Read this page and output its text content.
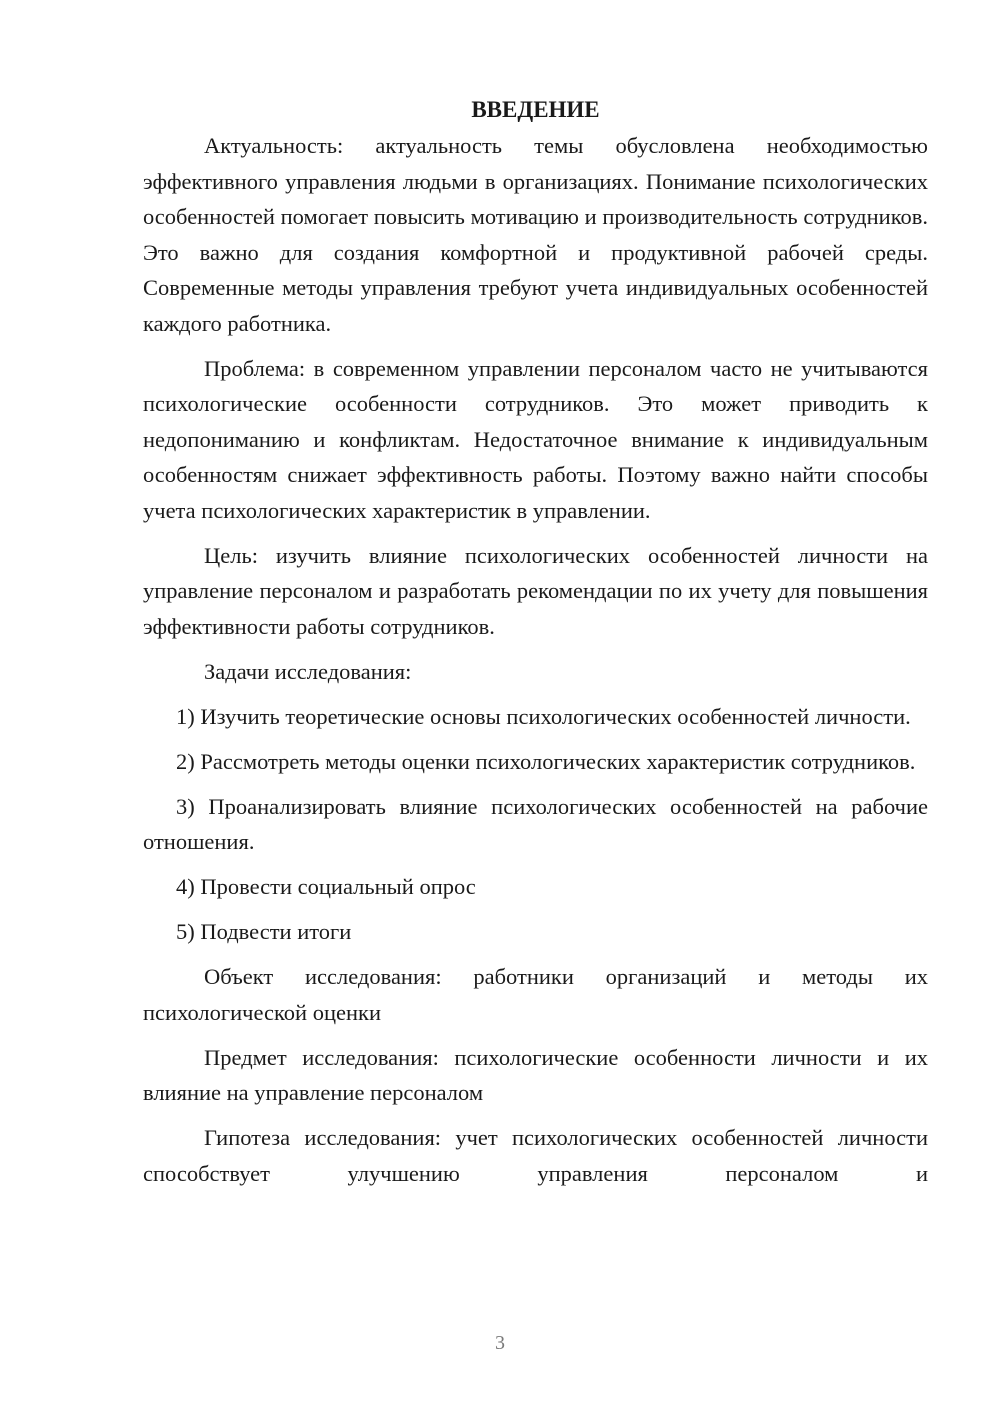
ВВЕДЕНИЕ

Актуальность: актуальность темы обусловлена необходимостью эффективного управления людьми в организациях. Понимание психологических особенностей помогает повысить мотивацию и производительность сотрудников. Это важно для создания комфортной и продуктивной рабочей среды. Современные методы управления требуют учета индивидуальных особенностей каждого работника.

Проблема: в современном управлении персоналом часто не учитываются психологические особенности сотрудников. Это может приводить к недопониманию и конфликтам. Недостаточное внимание к индивидуальным особенностям снижает эффективность работы. Поэтому важно найти способы учета психологических характеристик в управлении.

Цель: изучить влияние психологических особенностей личности на управление персоналом и разработать рекомендации по их учету для повышения эффективности работы сотрудников.

Задачи исследования:

1) Изучить теоретические основы психологических особенностей личности.

2) Рассмотреть методы оценки психологических характеристик сотрудников.

3) Проанализировать влияние психологических особенностей на рабочие отношения.

4) Провести социальный опрос

5) Подвести итоги

Объект исследования: работники организаций и методы их психологической оценки

Предмет исследования: психологические особенности личности и их влияние на управление персоналом

Гипотеза исследования: учет психологических особенностей личности способствует улучшению управления персоналом и

3
